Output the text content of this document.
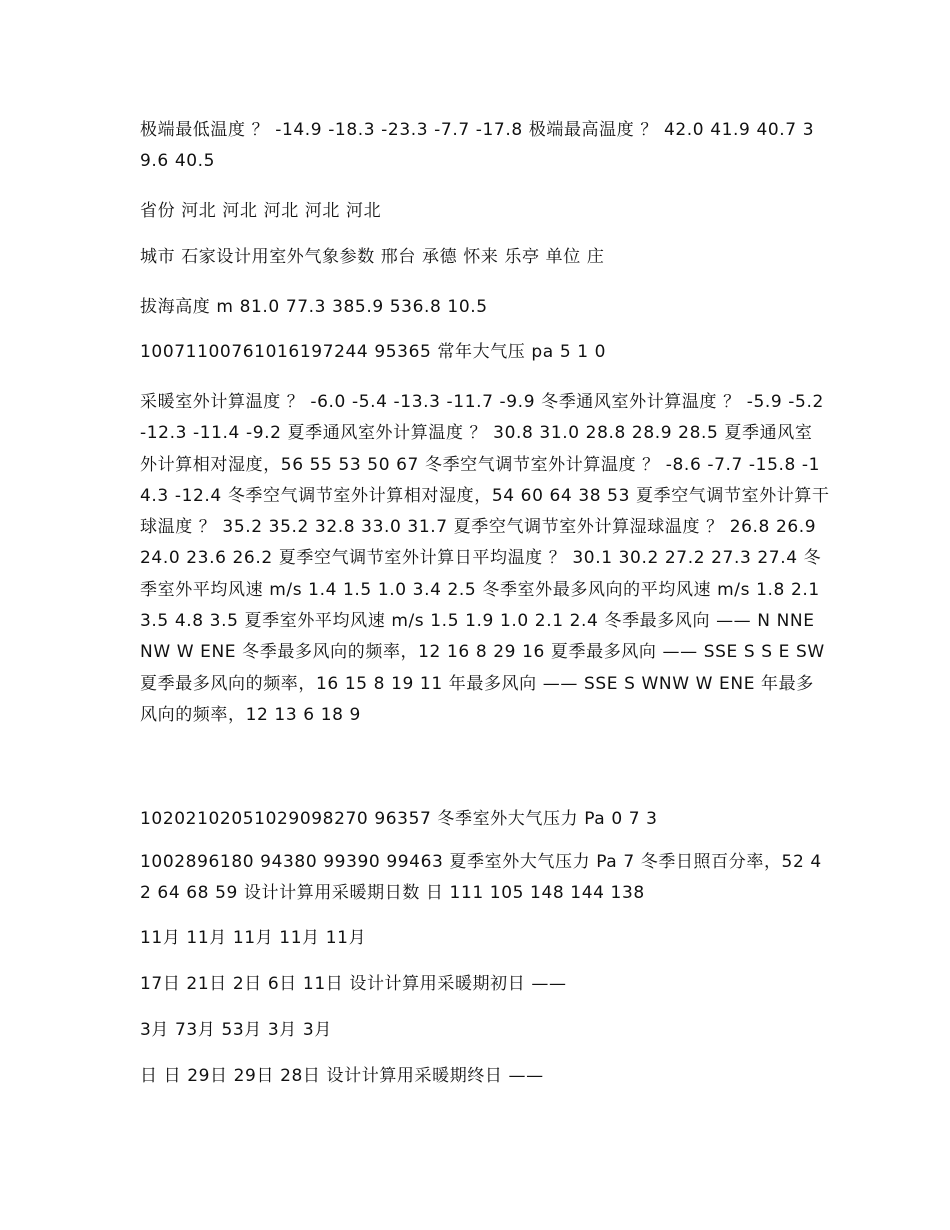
极端最低温度 ？ -14.9 -18.3 -23.3 -7.7 -17.8 极端最高温度 ？ 42.0 41.9 40.7 39.6 40.5
省份 河北 河北 河北 河北 河北
城市 石家设计用室外气象参数 邢台 承德 怀来 乐亭 单位 庄
拔海高度 m 81.0 77.3 385.9 536.8 10.5
1007110076101619​7244 95365 常年大气压 pa 5 1 0
采暖室外计算温度 ？ -6.0 -5.4 -13.3 -11.7 -9.9 冬季通风室外计算温度 ？ -5.9 -5.2 -12.3 -11.4 -9.2 夏季通风室外计算温度 ？ 30.8 31.0 28.8 28.9 28.5 夏季通风室外计算相对湿度，56 55 53 50 67 冬季空气调节室外计算温度 ？ -8.6 -7.7 -15.8 -14.3 -12.4 冬季空气调节室外计算相对湿度，54 60 64 38 53 夏季空气调节室外计算干球温度 ？ 35.2 35.2 32.8 33.0 31.7 夏季空气调节室外计算湿球温度 ？ 26.8 26.9 24.0 23.6 26.2 夏季空气调节室外计算日平均温度 ？ 30.1 30.2 27.2 27.3 27.4 冬季室外平均风速 m/s 1.4 1.5 1.0 3.4 2.5 冬季室外最多风向的平均风速 m/s 1.8 2.1 3.5 4.8 3.5 夏季室外平均风速 m/s 1.5 1.9 1.0 2.1 2.4 冬季最多风向 —— N NNE NW W ENE 冬季最多风向的频率，12 16 8 29 16 夏季最多风向 —— SSE S S E SW 夏季最多风向的频率，16 15 8 19 11 年最多风向 —— SSE S WNW W ENE 年最多风向的频率，12 13 6 18 9
1020210205102909​8270 96357 冬季室外大气压力 Pa 0 7 3
1002896180 94380 99390 99463 夏季室外大气压力 Pa 7 冬季日照百分率，52 42 64 68 59 设计计算用采暖期日数 日 111 105 148 144 138
11月 11月 11月 11月 11月
17日 21日 2日 6日 11日 设计计算用采暖期初日 ——
3月 73月 53月 3月 3月
日 日 29日 29日 28日 设计计算用采暖期终日 ——
